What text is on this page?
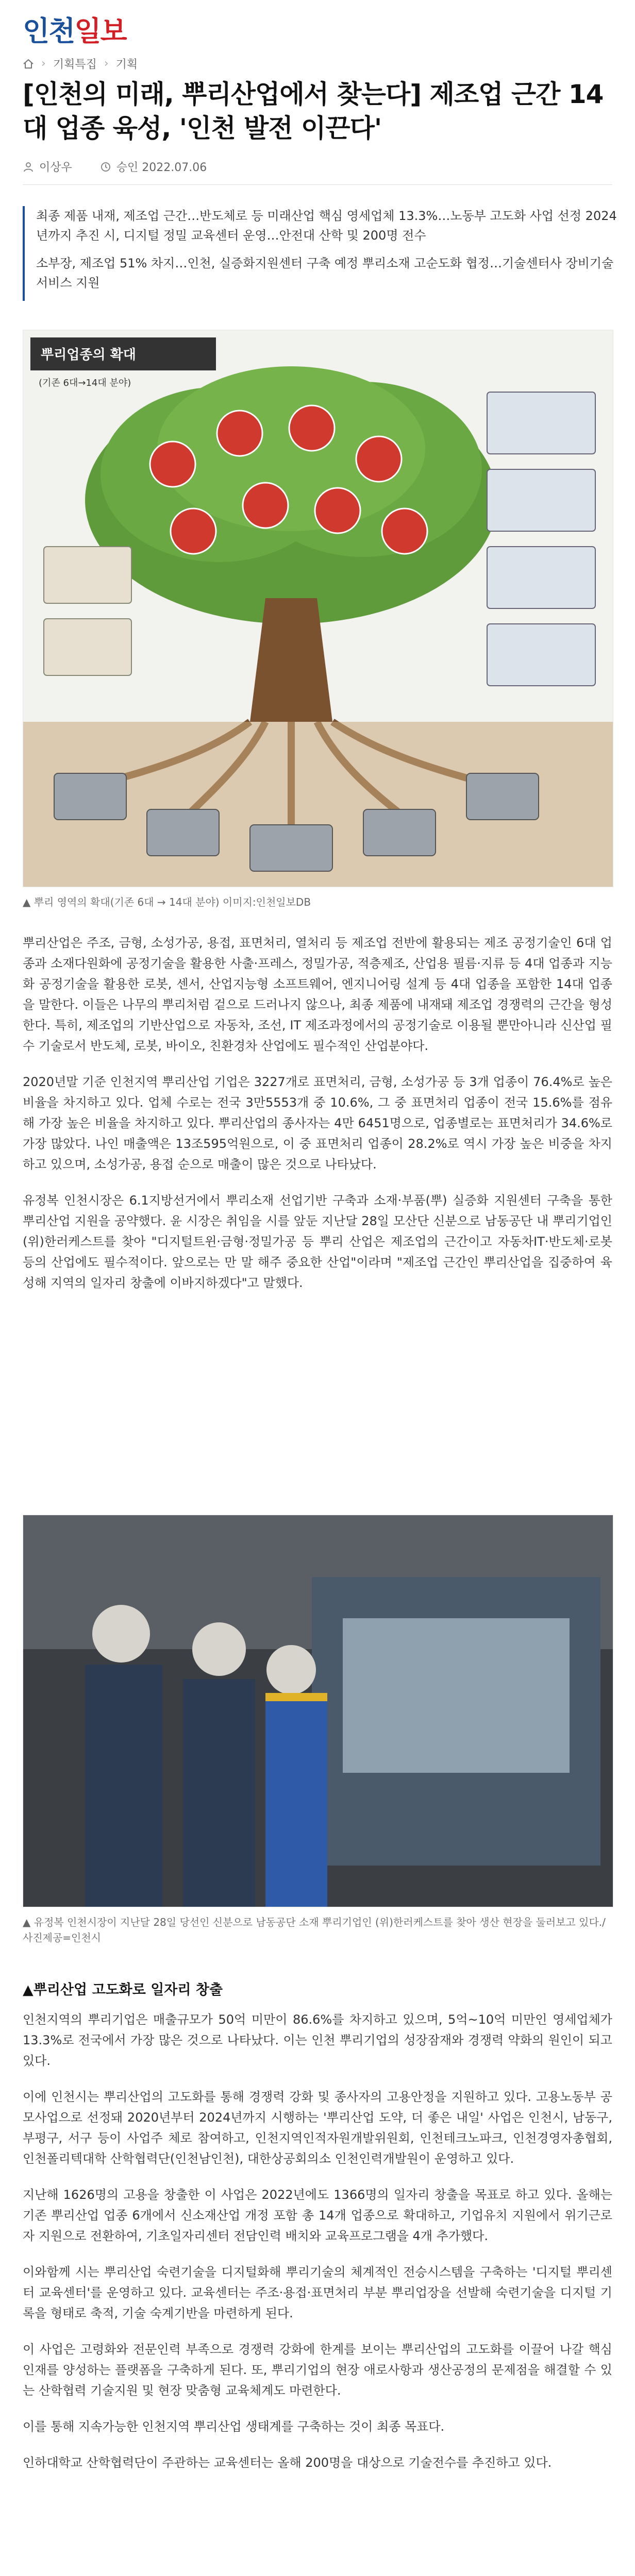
인천일보
› 기획특집 › 기획
[인천의 미래, 뿌리산업에서 찾는다] 제조업 근간 14대 업종 육성, '인천 발전 이끈다'
이상우	승인 2022.07.06

최종 제품 내재, 제조업 근간…반도체로 등 미래산업 핵심 영세업체 13.3%…노동부 고도화 사업 선정 2024년까지 추진 시, 디지털 정밀 교육센터 운영…안전대 산학 및 200명 전수

소부장, 제조업 51% 차지…인천, 실증화지원센터 구축 예정 뿌리소재 고순도화 협정…기술센터사 장비기술 서비스 지원

뿌리업종의 확대
(기존 6대→14대 분야)
▲ 뿌리 영역의 확대(기존 6대 → 14대 분야) 이미지:인천일보DB

뿌리산업은 주조, 금형, 소성가공, 용접, 표면처리, 열처리 등 제조업 전반에 활용되는 제조 공정기술인 6대 업종과 소재다원화에 공정기술을 활용한 사출·프레스, 정밀가공, 적층제조, 산업용 필름·지류 등 4대 업종과 지능화 공정기술을 활용한 로봇, 센서, 산업지능형 소프트웨어, 엔지니어링 설계 등 4대 업종을 포함한 14대 업종을 말한다. 이들은 나무의 뿌리처럼 겉으로 드러나지 않으나, 최종 제품에 내재돼 제조업 경쟁력의 근간을 형성한다. 특히, 제조업의 기반산업으로 자동차, 조선, IT 제조과정에서의 공정기술로 이용될 뿐만아니라 신산업 필수 기술로서 반도체, 로봇, 바이오, 친환경차 산업에도 필수적인 산업분야다.

2020년말 기준 인천지역 뿌리산업 기업은 3227개로 표면처리, 금형, 소성가공 등 3개 업종이 76.4%로 높은 비율을 차지하고 있다. 업체 수로는 전국 3만5553개 중 10.6%, 그 중 표면처리 업종이 전국 15.6%를 점유해 가장 높은 비율을 차지하고 있다. 뿌리산업의 종사자는 4만 6451명으로, 업종별로는 표면처리가 34.6%로 가장 많았다. 나인 매출액은 13조595억원으로, 이 중 표면처리 업종이 28.2%로 역시 가장 높은 비중을 차지하고 있으며, 소성가공, 용접 순으로 매출이 많은 것으로 나타났다.

유정복 인천시장은 6.1지방선거에서 뿌리소재 선업기반 구축과 소재·부품(뿌) 실증화 지원센터 구축을 통한 뿌리산업 지원을 공약했다. 윤 시장은 취임을 시를 앞둔 지난달 28일 모산단 신분으로 남동공단 내 뿌리기업인 (위)한러케스트를 찾아 "디지털트윈·금형·정밀가공 등 뿌리 산업은 제조업의 근간이고 자동차IT·반도체·로봇 등의 산업에도 필수적이다. 앞으로는 만 말 해주 중요한 산업"이라며 "제조업 근간인 뿌리산업을 집중하여 육성해 지역의 일자리 창출에 이바지하겠다"고 말했다.

▲ 유정복 인천시장이 지난달 28일 당선인 신분으로 남동공단 소재 뿌리기업인 (위)한러케스트를 찾아 생산 현장을 둘러보고 있다./사진제공=인천시
▲뿌리산업 고도화로 일자리 창출

인천지역의 뿌리기업은 매출규모가 50억 미만이 86.6%를 차지하고 있으며, 5억~10억 미만인 영세업체가 13.3%로 전국에서 가장 많은 것으로 나타났다. 이는 인천 뿌리기업의 성장잠재와 경쟁력 약화의 원인이 되고 있다.

이에 인천시는 뿌리산업의 고도화를 통해 경쟁력 강화 및 종사자의 고용안정을 지원하고 있다. 고용노동부 공모사업으로 선정돼 2020년부터 2024년까지 시행하는 '뿌리산업 도약, 더 좋은 내일' 사업은 인천시, 남동구, 부평구, 서구 등이 사업주 체로 참여하고, 인천지역인적자원개발위원회, 인천테크노파크, 인천경영자총협회, 인천폴리텍대학 산학협력단(인천남인천), 대한상공회의소 인천인력개발원이 운영하고 있다.

지난해 1626명의 고용을 창출한 이 사업은 2022년에도 1366명의 일자리 창출을 목표로 하고 있다. 올해는 기존 뿌리산업 업종 6개에서 신소재산업 개정 포함 총 14개 업종으로 확대하고, 기업유치 지원에서 위기근로자 지원으로 전환하여, 기초일자리센터 전담인력 배치와 교육프로그램을 4개 추가했다.

이와함께 시는 뿌리산업 숙련기술을 디지털화해 뿌리기술의 체계적인 전승시스템을 구축하는 '디지털 뿌리센터 교육센터'를 운영하고 있다. 교육센터는 주조·용접·표면처리 부분 뿌리업장을 선발해 숙련기술을 디지털 기록을 형태로 축적, 기술 숙계기반을 마련하게 된다.

이 사업은 고령화와 전문인력 부족으로 경쟁력 강화에 한계를 보이는 뿌리산업의 고도화를 이끌어 나갈 핵심 인재를 양성하는 플랫폼을 구축하게 된다. 또, 뿌리기업의 현장 애로사항과 생산공정의 문제점을 해결할 수 있는 산학협력 기술지원 및 현장 맞춤형 교육체계도 마련한다.

이를 통해 지속가능한 인천지역 뿌리산업 생태계를 구축하는 것이 최종 목표다.

인하대학교 산학협력단이 주관하는 교육센터는 올해 200명을 대상으로 기술전수를 추진하고 있다.
